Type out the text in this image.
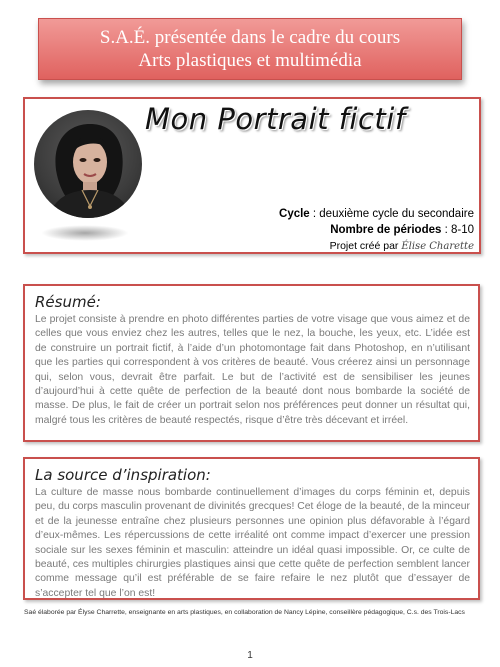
S.A.É. présentée dans le cadre du cours
Arts plastiques et multimédia
Mon Portrait fictif
Cycle : deuxième cycle du secondaire
Nombre de périodes : 8-10
Projet créé par Élise Charette
Résumé:

Le projet consiste à prendre en photo différentes parties de votre visage que vous aimez et de celles que vous enviez chez les autres, telles que le nez, la bouche, les yeux, etc. L’idée est de construire un portrait fictif, à l’aide d’un photomontage fait dans Photoshop, en n’utilisant que les parties qui correspondent à vos critères de beauté. Vous créerez ainsi un personnage qui, selon vous, devrait être parfait. Le but de l’activité est de sensibiliser les jeunes d’aujourd’hui à cette quête de perfection de la beauté dont nous bombarde la société de masse. De plus, le fait de créer un portrait selon nos préférences peut donner un résultat qui, malgré tous les critères de beauté respectés, risque d’être très décevant et irréel.

La source d’inspiration:

La culture de masse nous bombarde continuellement d’images du corps féminin et, depuis peu, du corps masculin provenant de divinités grecques! Cet éloge de la beauté, de la minceur et de la jeunesse entraîne chez plusieurs personnes une opinion plus défavorable à l’égard d’eux-mêmes. Les répercussions de cette irréalité ont comme impact d’exercer une pression sociale sur les sexes féminin et masculin: atteindre un idéal quasi impossible. Or, ce culte de beauté, ces multiples chirurgies plastiques ainsi que cette quête de perfection semblent lancer comme message qu’il est préférable de se faire refaire le nez plutôt que d’essayer de s’accepter tel que l’on est!

Saé élaborée par Élyse Charrette, enseignante en arts plastiques, en collaboration de Nancy Lépine, conseillère pédagogique, C.s. des Trois-Lacs
1
